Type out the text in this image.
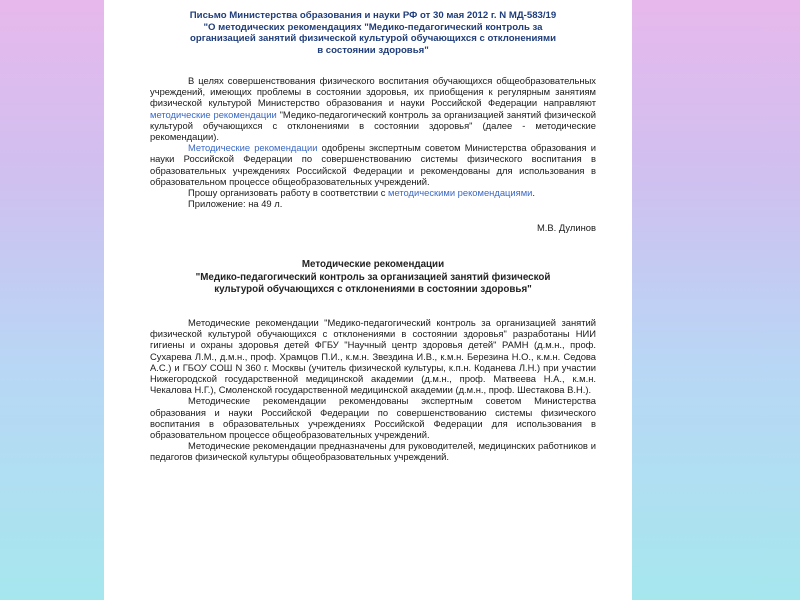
Письмо Министерства образования и науки РФ от 30 мая 2012 г. N МД-583/19
"О методических рекомендациях "Медико-педагогический контроль за
организацией занятий физической культурой обучающихся с отклонениями
в состоянии здоровья"

В целях совершенствования физического воспитания обучающихся общеобразовательных учреждений, имеющих проблемы в состоянии здоровья, их приобщения к регулярным занятиям физической культурой Министерство образования и науки Российской Федерации направляют методические рекомендации "Медико-педагогический контроль за организацией занятий физической культурой обучающихся с отклонениями в состоянии здоровья" (далее - методические рекомендации).

Методические рекомендации одобрены экспертным советом Министерства образования и науки Российской Федерации по совершенствованию системы физического воспитания в образовательных учреждениях Российской Федерации и рекомендованы для использования в образовательном процессе общеобразовательных учреждений.

Прошу организовать работу в соответствии с методическими рекомендациями.

Приложение: на 49 л.

М.В. Дулинов
Методические рекомендации
"Медико-педагогический контроль за организацией занятий физической
культурой обучающихся с отклонениями в состоянии здоровья"

Методические рекомендации "Медико-педагогический контроль за организацией занятий физической культурой обучающихся с отклонениями в состоянии здоровья" разработаны НИИ гигиены и охраны здоровья детей ФГБУ "Научный центр здоровья детей" РАМН (д.м.н., проф. Сухарева Л.М., д.м.н., проф. Храмцов П.И., к.м.н. Звездина И.В., к.м.н. Березина Н.О., к.м.н. Седова А.С.) и ГБОУ СОШ N 360 г. Москвы (учитель физической культуры, к.п.н. Коданева Л.Н.) при участии Нижегородской государственной медицинской академии (д.м.н., проф. Матвеева Н.А., к.м.н. Чекалова Н.Г.), Смоленской государственной медицинской академии (д.м.н., проф. Шестакова В.Н.).

Методические рекомендации рекомендованы экспертным советом Министерства образования и науки Российской Федерации по совершенствованию системы физического воспитания в образовательных учреждениях Российской Федерации для использования в образовательном процессе общеобразовательных учреждений.

Методические рекомендации предназначены для руководителей, медицинских работников и педагогов физической культуры общеобразовательных учреждений.
